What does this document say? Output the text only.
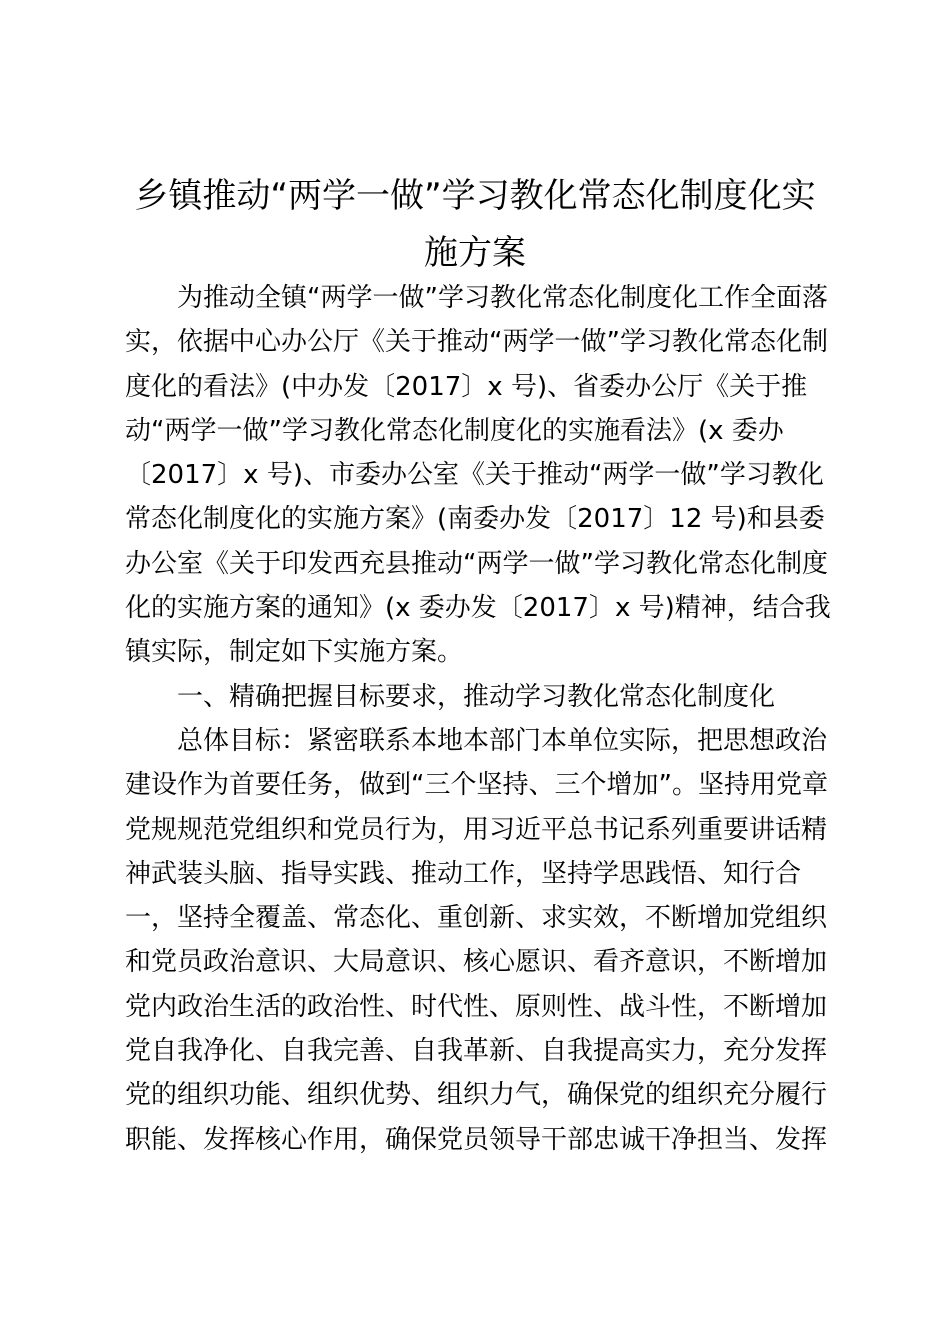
乡镇推动“两学一做”学习教化常态化制度化实
施方案
为推动全镇“两学一做”学习教化常态化制度化工作全面落
实，依据中心办公厅《关于推动“两学一做”学习教化常态化制
度化的看法》(中办发〔2017〕x 号)、省委办公厅《关于推
动“两学一做”学习教化常态化制度化的实施看法》(x 委办
〔2017〕x 号)、市委办公室《关于推动“两学一做”学习教化
常态化制度化的实施方案》(南委办发〔2017〕12 号)和县委
办公室《关于印发西充县推动“两学一做”学习教化常态化制度
化的实施方案的通知》(x 委办发〔2017〕x 号)精神，结合我
镇实际，制定如下实施方案。
一、精确把握目标要求，推动学习教化常态化制度化
总体目标：紧密联系本地本部门本单位实际，把思想政治
建设作为首要任务，做到“三个坚持、三个增加”。坚持用党章
党规规范党组织和党员行为，用习近平总书记系列重要讲话精
神武装头脑、指导实践、推动工作，坚持学思践悟、知行合
一，坚持全覆盖、常态化、重创新、求实效，不断增加党组织
和党员政治意识、大局意识、核心愿识、看齐意识，不断增加
党内政治生活的政治性、时代性、原则性、战斗性，不断增加
党自我净化、自我完善、自我革新、自我提高实力，充分发挥
党的组织功能、组织优势、组织力气，确保党的组织充分履行
职能、发挥核心作用，确保党员领导干部忠诚干净担当、发挥
